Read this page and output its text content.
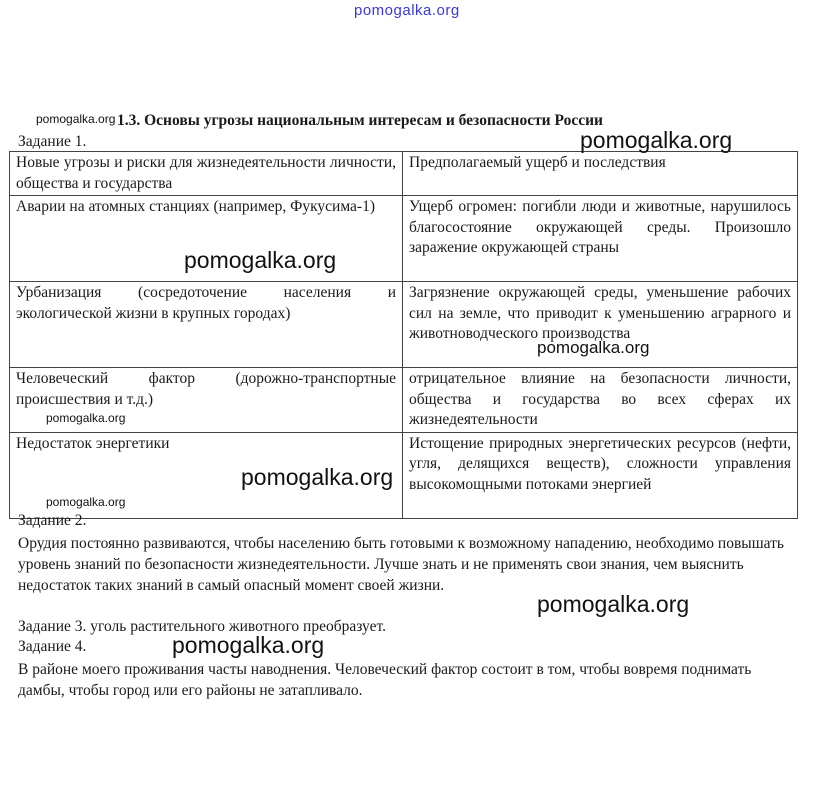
pomogalka.org
pomogalka.org 1.3. Основы угрозы национальным интересам и безопасности России
Задание 1.
Новые угрозы и риски для жизнедеятельности личности, общества и государства	Предполагаемый ущерб и последствия
Аварии на атомных станциях (например, Фукусима-1)	Ущерб огромен: погибли люди и животные, нарушилось благосостояние окружающей среды. Произошло заражение окружающей страны
Урбанизация (сосредоточение населения и экологической жизни в крупных городах)	Загрязнение окружающей среды, уменьшение рабочих сил на земле, что приводит к уменьшению аграрного и животноводческого производства
Человеческий фактор (дорожно-транспортные происшествия и т.д.)	отрицательное влияние на безопасности личности, общества и государства во всех сферах их жизнедеятельности
Недостаток энергетики	Истощение природных энергетических ресурсов (нефти, угля, делящихся веществ), сложности управления высокомощными потоками энергией
Задание 2.
Орудия постоянно развиваются, чтобы населению быть готовыми к возможному нападению, необходимо повышать уровень знаний по безопасности жизнедеятельности. Лучше знать и не применять свои знания, чем выяснить недостаток таких знаний в самый опасный момент своей жизни.
Задание 3. уголь растительного животного преобразует.
Задание 4.
В районе моего проживания часты наводнения. Человеческий фактор состоит в том, чтобы вовремя поднимать дамбы, чтобы город или его районы не затапливало.
pomogalka.org
pomogalka.org
pomogalka.org
pomogalka.org
pomogalka.org
pomogalka.org
pomogalka.org
pomogalka.org
